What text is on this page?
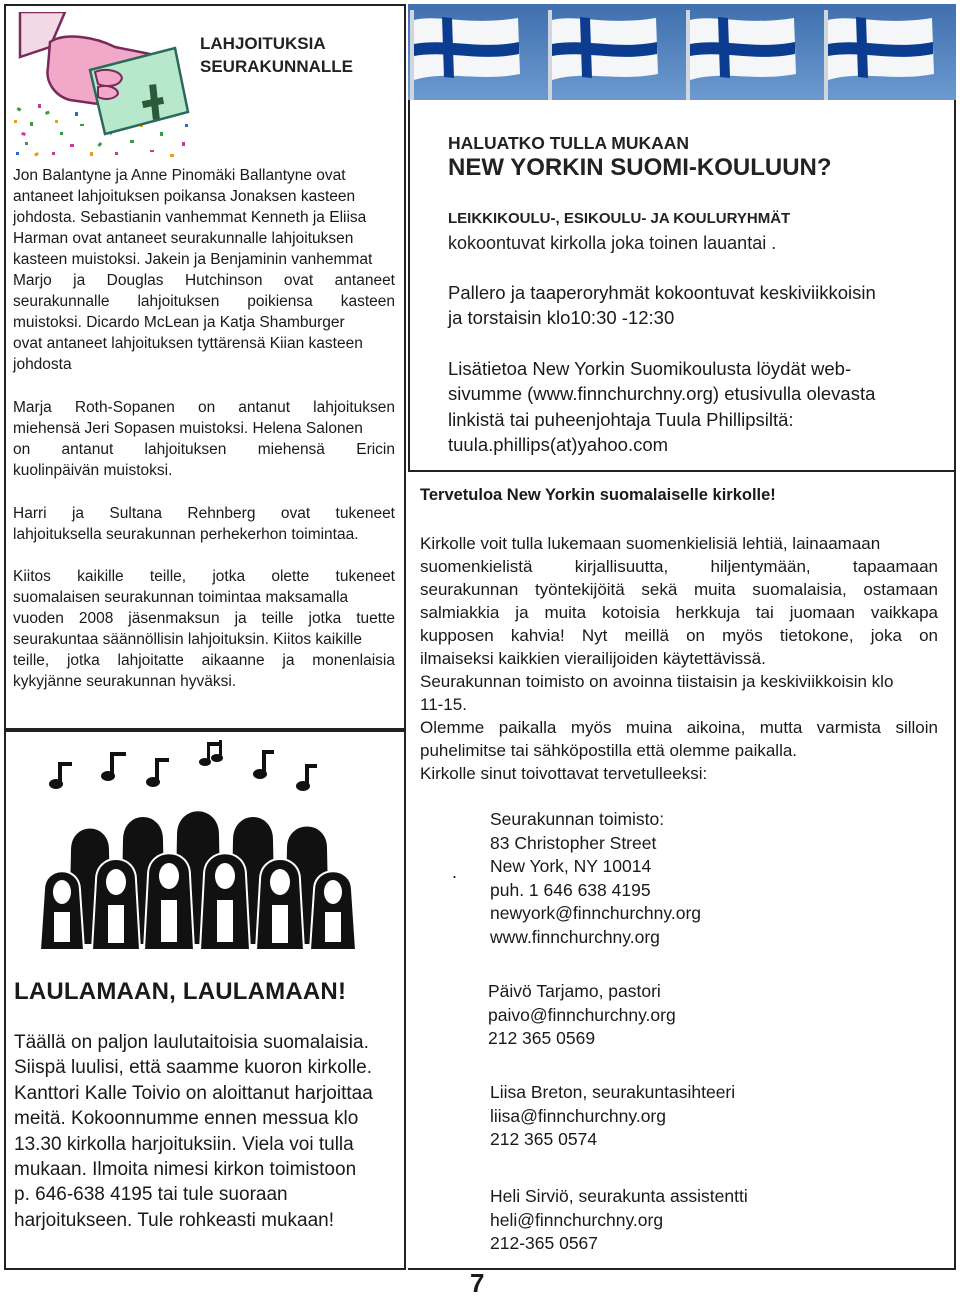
LAHJOITUKSIA
SEURAKUNNALLE
Jon Balantyne ja Anne Pinomäki Ballantyne ovat
antaneet lahjoituksen poikansa Jonaksen kasteen
johdosta. Sebastianin vanhemmat Kenneth ja Eliisa
Harman ovat antaneet seurakunnalle lahjoituksen
kasteen muistoksi. Jakein ja Benjaminin vanhemmat
Marjo ja Douglas Hutchinson ovat antaneet
seurakunnalle lahjoituksen poikiensa kasteen
muistoksi. Dicardo McLean ja Katja Shamburger
ovat antaneet lahjoituksen tyttärensä Kiian kasteen
johdosta
Marja Roth-Sopanen on antanut lahjoituksen
miehensä Jeri Sopasen muistoksi. Helena Salonen
on antanut lahjoituksen miehensä Ericin
kuolinpäivän muistoksi.
Harri ja Sultana Rehnberg ovat tukeneet
lahjoituksella seurakunnan perhekerhon toimintaa.
Kiitos kaikille teille, jotka olette tukeneet
suomalaisen seurakunnan toimintaa maksamalla
vuoden 2008 jäsenmaksun ja teille jotka tuette
seurakuntaa säännöllisin lahjoituksin. Kiitos kaikille
teille, jotka lahjoitatte aikaanne ja monenlaisia
kykyjänne seurakunnan hyväksi.
LAULAMAAN, LAULAMAAN!
Täällä on paljon laulutaitoisia suomalaisia.
Siispä luulisi, että saamme kuoron kirkolle.
Kanttori Kalle Toivio on aloittanut harjoittaa
meitä. Kokoonnumme ennen messua klo
13.30 kirkolla harjoituksiin. Viela voi tulla
mukaan. Ilmoita nimesi kirkon toimistoon
p. 646-638 4195 tai tule suoraan
harjoitukseen. Tule rohkeasti mukaan!
HALUATKO TULLA MUKAAN
NEW YORKIN SUOMI-KOULUUN?
LEIKKIKOULU-, ESIKOULU- JA KOULURYHMÄT
kokoontuvat kirkolla joka toinen lauantai .
Pallero ja taaperoryhmät kokoontuvat keskiviikkoisin
ja torstaisin klo10:30 -12:30
Lisätietoa New Yorkin Suomikoulusta löydät web-
sivumme (www.finnchurchny.org) etusivulla olevasta
linkistä tai puheenjohtaja Tuula Phillipsiltä:
tuula.phillips(at)yahoo.com
Tervetuloa New Yorkin suomalaiselle kirkolle!
Kirkolle voit tulla lukemaan suomenkielisiä lehtiä, lainaamaan
suomenkielistä kirjallisuutta, hiljentymään, tapaamaan
seurakunnan työntekijöitä sekä muita suomalaisia, ostamaan
salmiakkia ja muita kotoisia herkkuja tai juomaan vaikkapa
kupposen kahvia! Nyt meillä on myös tietokone, joka on
ilmaiseksi kaikkien vierailijoiden käytettävissä.
Seurakunnan toimisto on avoinna tiistaisin ja keskiviikkoisin klo
11-15.
Olemme paikalla myös muina aikoina, mutta varmista silloin
puhelimitse tai sähköpostilla että olemme paikalla.
Kirkolle sinut toivottavat tervetulleeksi:
.
Seurakunnan toimisto:
83 Christopher Street
New York, NY 10014
puh. 1 646 638 4195
newyork@finnchurchny.org
www.finnchurchny.org
Päivö Tarjamo, pastori
paivo@finnchurchny.org
212 365 0569
Liisa Breton, seurakuntasihteeri
liisa@finnchurchny.org
212 365 0574
Heli Sirviö, seurakunta assistentti
heli@finnchurchny.org
212-365 0567
7
